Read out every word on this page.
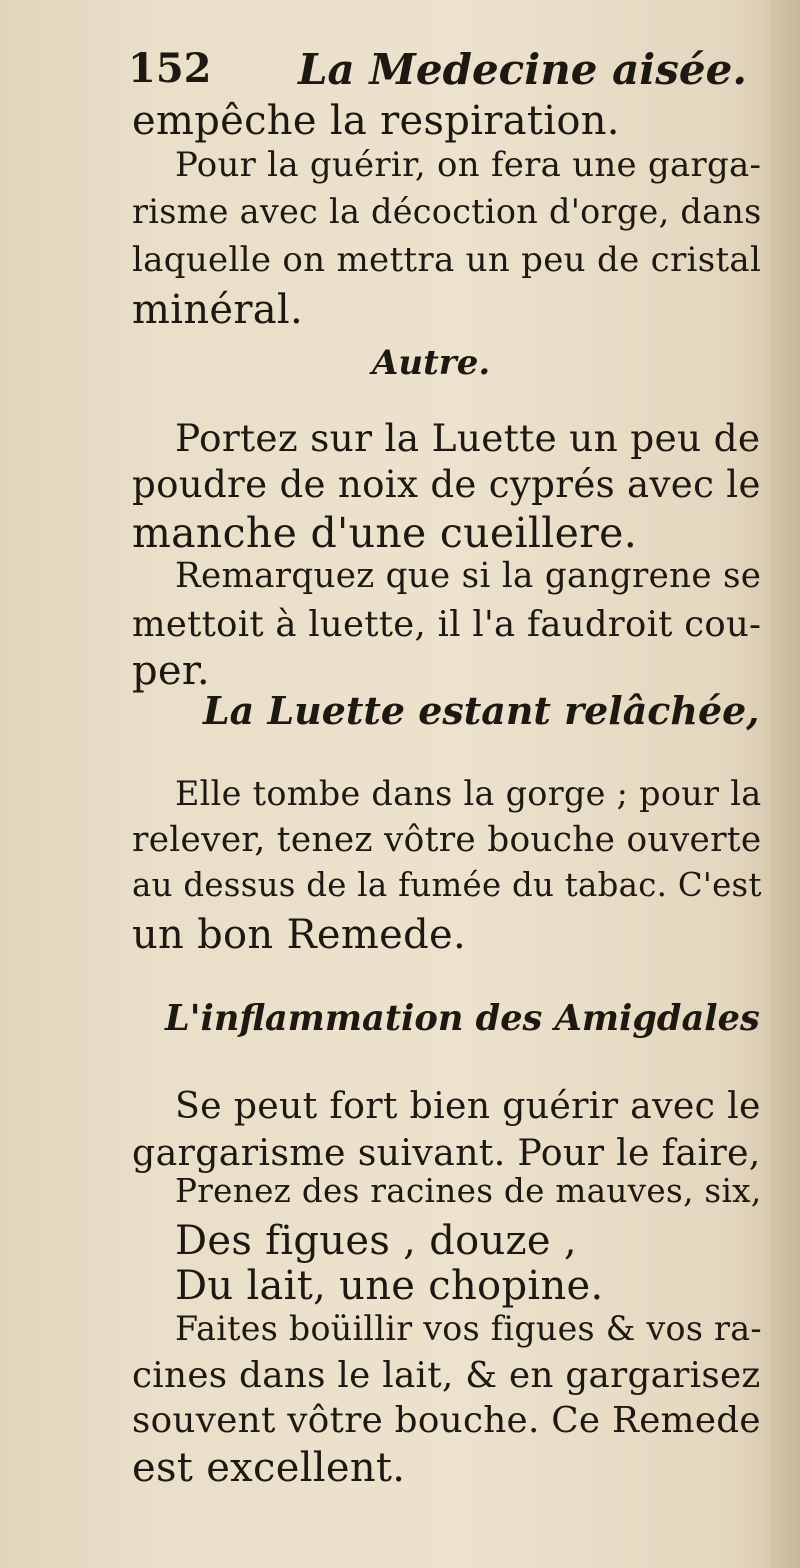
152 La Medecine aisée.
empêche la respiration.
Pour la guérir, on fera une garga-
risme avec la décoction d'orge, dans
laquelle on mettra un peu de cristal
minéral.
Autre.
Portez sur la Luette un peu de
poudre de noix de cyprés avec le
manche d'une cueillere.
Remarquez que si la gangrene se
mettoit à luette, il l'a faudroit cou-
per.
La Luette estant relâchée,
Elle tombe dans la gorge ; pour la
relever, tenez vôtre bouche ouverte
au dessus de la fumée du tabac. C'est
un bon Remede.
L'inflammation des Amigdales
Se peut fort bien guérir avec le
gargarisme suivant. Pour le faire,
Prenez des racines de mauves, six,
Des figues , douze ,
Du lait, une chopine.
Faites boüillir vos figues & vos ra-
cines dans le lait, & en gargarisez
souvent vôtre bouche. Ce Remede
est excellent.
